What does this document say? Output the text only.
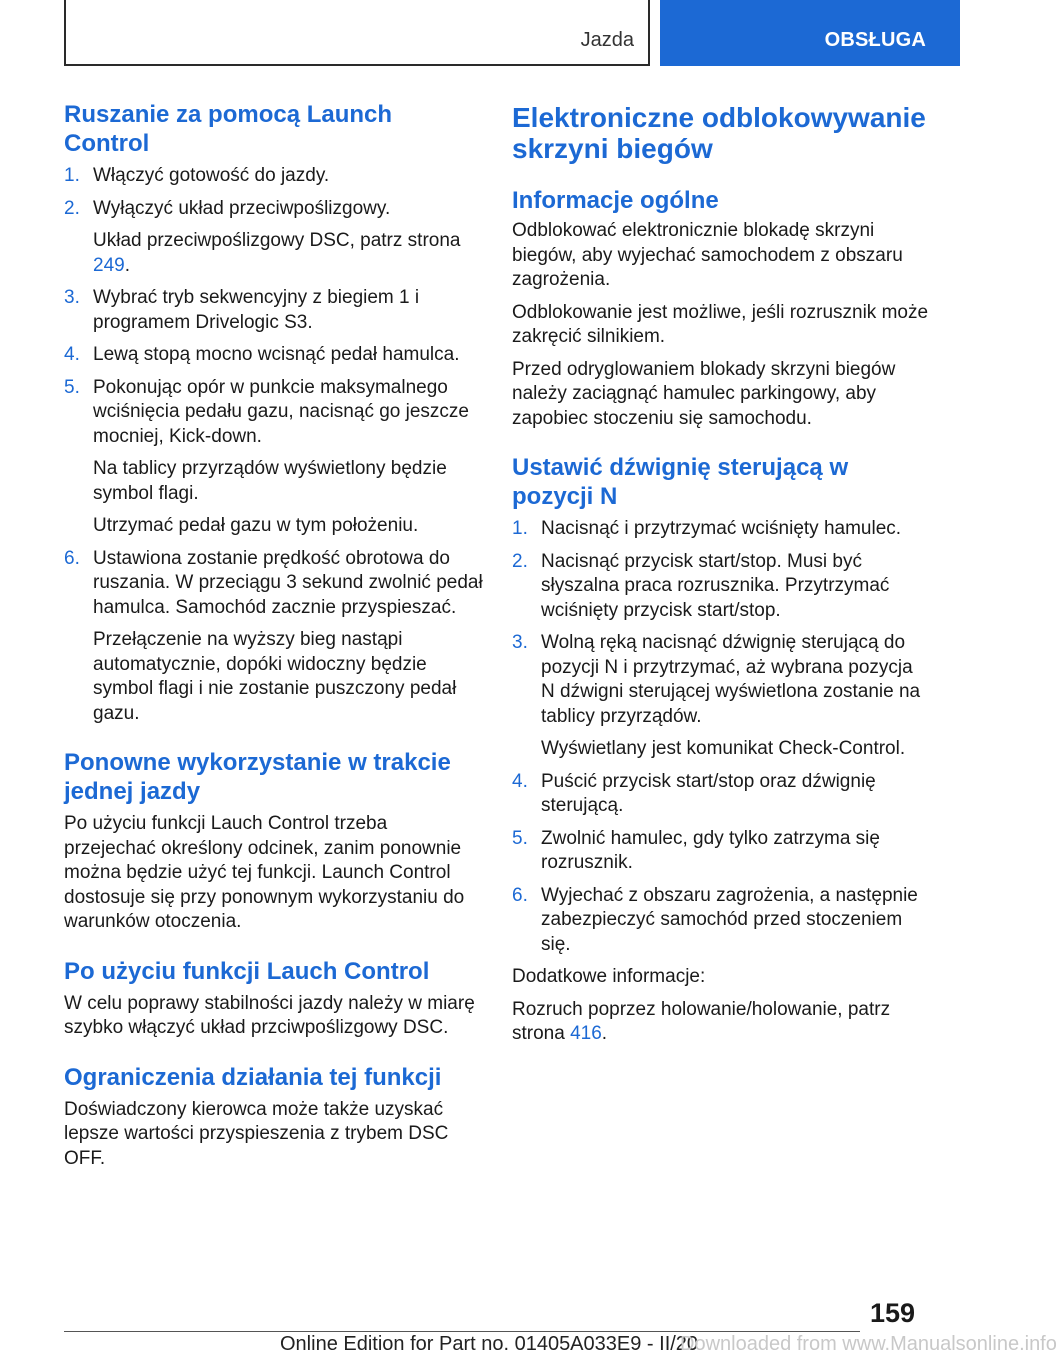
Jazda	OBSŁUGA
Ruszanie za pomocą Launch Control
1. Włączyć gotowość do jazdy.
2. Wyłączyć układ przeciwpoślizgowy.
Układ przeciwpoślizgowy DSC, patrz strona 249.
3. Wybrać tryb sekwencyjny z biegiem 1 i programem Drivelogic S3.
4. Lewą stopą mocno wcisnąć pedał hamulca.
5. Pokonując opór w punkcie maksymalnego wciśnięcia pedału gazu, nacisnąć go jeszcze mocniej, Kick-down.
Na tablicy przyrządów wyświetlony będzie symbol flagi.
Utrzymać pedał gazu w tym położeniu.
6. Ustawiona zostanie prędkość obrotowa do ruszania. W przeciągu 3 sekund zwolnić pedał hamulca. Samochód zacznie przyspieszać.
Przełączenie na wyższy bieg nastąpi automatycznie, dopóki widoczny będzie symbol flagi i nie zostanie puszczony pedał gazu.
Ponowne wykorzystanie w trakcie jednej jazdy

Po użyciu funkcji Lauch Control trzeba przejechać określony odcinek, zanim ponownie można będzie użyć tej funkcji. Launch Control dostosuje się przy ponownym wykorzystaniu do warunków otoczenia.

Po użyciu funkcji Lauch Control

W celu poprawy stabilności jazdy należy w miarę szybko włączyć układ przciwpoślizgowy DSC.

Ograniczenia działania tej funkcji

Doświadczony kierowca może także uzyskać lepsze wartości przyspieszenia z trybem DSC OFF.

Elektroniczne odblokowywanie skrzyni biegów
Informacje ogólne

Odblokować elektronicznie blokadę skrzyni biegów, aby wyjechać samochodem z obszaru zagrożenia.

Odblokowanie jest możliwe, jeśli rozrusznik może zakręcić silnikiem.

Przed odryglowaniem blokady skrzyni biegów należy zaciągnąć hamulec parkingowy, aby zapobiec stoczeniu się samochodu.

Ustawić dźwignię sterującą w pozycji N
1. Nacisnąć i przytrzymać wciśnięty hamulec.
2. Nacisnąć przycisk start/stop. Musi być słyszalna praca rozrusznika. Przytrzymać wciśnięty przycisk start/stop.
3. Wolną ręką nacisnąć dźwignię sterującą do pozycji N i przytrzymać, aż wybrana pozycja N dźwigni sterującej wyświetlona zostanie na tablicy przyrządów.
Wyświetlany jest komunikat Check-Control.
4. Puścić przycisk start/stop oraz dźwignię sterującą.
5. Zwolnić hamulec, gdy tylko zatrzyma się rozrusznik.
6. Wyjechać z obszaru zagrożenia, a następnie zabezpieczyć samochód przed stoczeniem się.

Dodatkowe informacje:

Rozruch poprzez holowanie/holowanie, patrz strona 416.

159
Online Edition for Part no. 01405A033E9 - II/20
Downloaded from www.Manualsonline.info
